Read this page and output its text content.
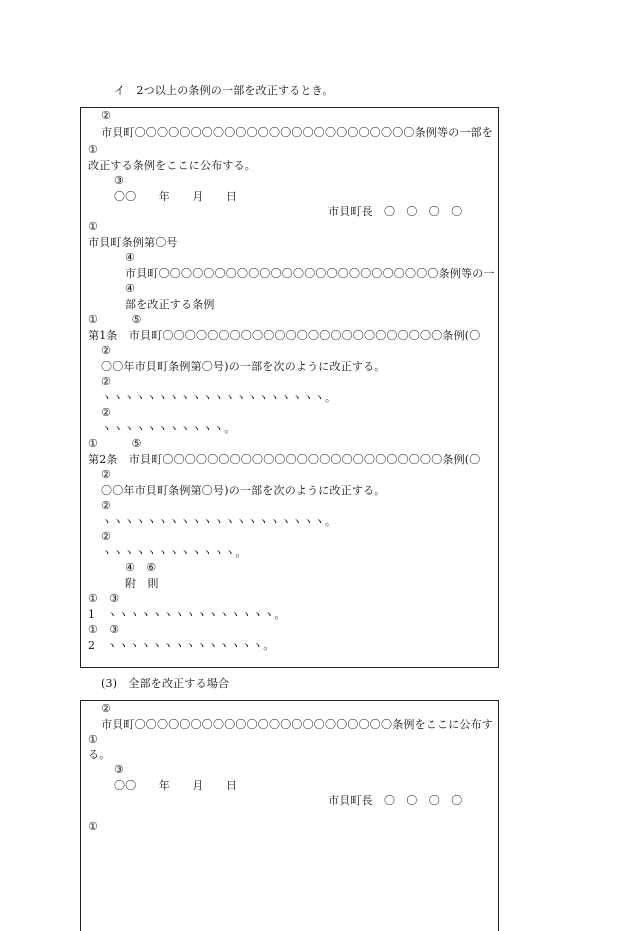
イ　2つ以上の条例の一部を改正するとき。
②
市貝町〇〇〇〇〇〇〇〇〇〇〇〇〇〇〇〇〇〇〇〇〇〇〇〇〇条例等の一部を
①
改正する条例をここに公布する。
③
〇〇　　年　　月　　日
市貝町長　〇　〇　〇　〇
①
市貝町条例第〇号
④
市貝町〇〇〇〇〇〇〇〇〇〇〇〇〇〇〇〇〇〇〇〇〇〇〇〇〇条例等の一
④
部を改正する条例
①　　　⑤
第1条　市貝町〇〇〇〇〇〇〇〇〇〇〇〇〇〇〇〇〇〇〇〇〇〇〇〇〇条例(〇
②
〇〇年市貝町条例第〇号)の一部を次のように改正する。
②
ヽヽヽヽヽヽヽヽヽヽヽヽヽヽヽヽヽヽヽヽ。
②
ヽヽヽヽヽヽヽヽヽヽヽ。
①　　　⑤
第2条　市貝町〇〇〇〇〇〇〇〇〇〇〇〇〇〇〇〇〇〇〇〇〇〇〇〇〇条例(〇
②
〇〇年市貝町条例第〇号)の一部を次のように改正する。
②
ヽヽヽヽヽヽヽヽヽヽヽヽヽヽヽヽヽヽヽヽ。
②
ヽヽヽヽヽヽヽヽヽヽヽヽ。
④　⑥
附　則
①　③
1　ヽヽヽヽヽヽヽヽヽヽヽヽヽヽヽ。
①　③
2　ヽヽヽヽヽヽヽヽヽヽヽヽヽヽ。
(3)　全部を改正する場合
②
市貝町〇〇〇〇〇〇〇〇〇〇〇〇〇〇〇〇〇〇〇〇〇〇〇条例をここに公布す
①
る。
③
〇〇　　年　　月　　日
市貝町長　〇　〇　〇　〇
①
